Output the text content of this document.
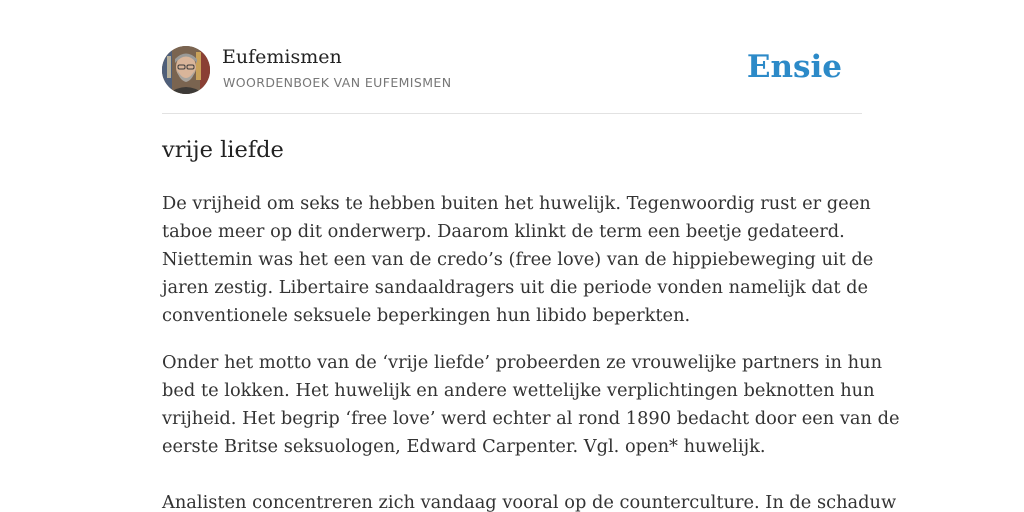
Eufemismen
WOORDENBOEK VAN EUFEMISMEN	Ensie
vrije liefde

De vrijheid om seks te hebben buiten het huwelijk. Tegenwoordig rust er geen
taboe meer op dit onderwerp. Daarom klinkt de term een beetje gedateerd.
Niettemin was het een van de credo’s (free love) van de hippiebeweging uit de
jaren zestig. Libertaire sandaaldragers uit die periode vonden namelijk dat de
conventionele seksuele beperkingen hun libido beperkten.

Onder het motto van de ‘vrije liefde’ probeerden ze vrouwelijke partners in hun
bed te lokken. Het huwelijk en andere wettelijke verplichtingen beknotten hun
vrijheid. Het begrip ‘free love’ werd echter al rond 1890 bedacht door een van de
eerste Britse seksuologen, Edward Carpenter. Vgl. open* huwelijk.

Analisten concentreren zich vandaag vooral op de counterculture. In de schaduw
